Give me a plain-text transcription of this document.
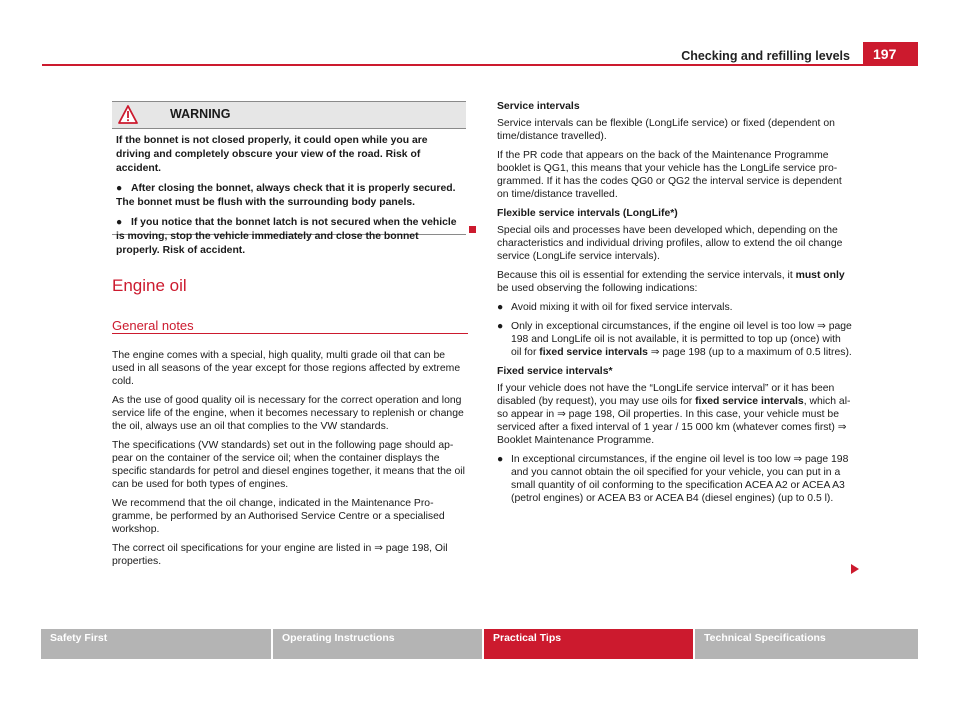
Checking and refilling levels	197
WARNING

If the bonnet is not closed properly, it could open while you are driving and completely obscure your view of the road. Risk of accident.

● After closing the bonnet, always check that it is properly secured. The bonnet must be flush with the surrounding body panels.

● If you notice that the bonnet latch is not secured when the vehicle is moving, stop the vehicle immediately and close the bonnet properly. Risk of accident.

Engine oil
General notes

The engine comes with a special, high quality, multi grade oil that can be used in all seasons of the year except for those regions affected by extreme cold.

As the use of good quality oil is necessary for the correct operation and long service life of the engine, when it becomes necessary to replenish or change the oil, always use an oil that complies to the VW standards.

The specifications (VW standards) set out in the following page should ap-pear on the container of the service oil; when the container displays the specific standards for petrol and diesel engines together, it means that the oil can be used for both types of engines.

We recommend that the oil change, indicated in the Maintenance Pro-gramme, be performed by an Authorised Service Centre or a specialised workshop.

The correct oil specifications for your engine are listed in ⇒ page 198, Oil properties.

Service intervals

Service intervals can be flexible (LongLife service) or fixed (dependent on time/distance travelled).

If the PR code that appears on the back of the Maintenance Programme booklet is QG1, this means that your vehicle has the LongLife service pro-grammed. If it has the codes QG0 or QG2 the interval service is dependent on time/distance travelled.

Flexible service intervals (LongLife*)

Special oils and processes have been developed which, depending on the characteristics and individual driving profiles, allow to extend the oil change service (LongLife service intervals).

Because this oil is essential for extending the service intervals, it must only be used observing the following indications:

● Avoid mixing it with oil for fixed service intervals.

● Only in exceptional circumstances, if the engine oil level is too low ⇒ page 198 and LongLife oil is not available, it is permitted to top up (once) with oil for fixed service intervals ⇒ page 198 (up to a maximum of 0.5 litres).

Fixed service intervals*

If your vehicle does not have the “LongLife service interval” or it has been disabled (by request), you may use oils for fixed service intervals, which al-so appear in ⇒ page 198, Oil properties. In this case, your vehicle must be serviced after a fixed interval of 1 year / 15 000 km (whatever comes first) ⇒ Booklet Maintenance Programme.

● In exceptional circumstances, if the engine oil level is too low ⇒ page 198 and you cannot obtain the oil specified for your vehicle, you can put in a small quantity of oil conforming to the specification ACEA A2 or ACEA A3 (petrol engines) or ACEA B3 or ACEA B4 (diesel engines) (up to 0.5 l).

Safety First	Operating Instructions	Practical Tips	Technical Specifications
